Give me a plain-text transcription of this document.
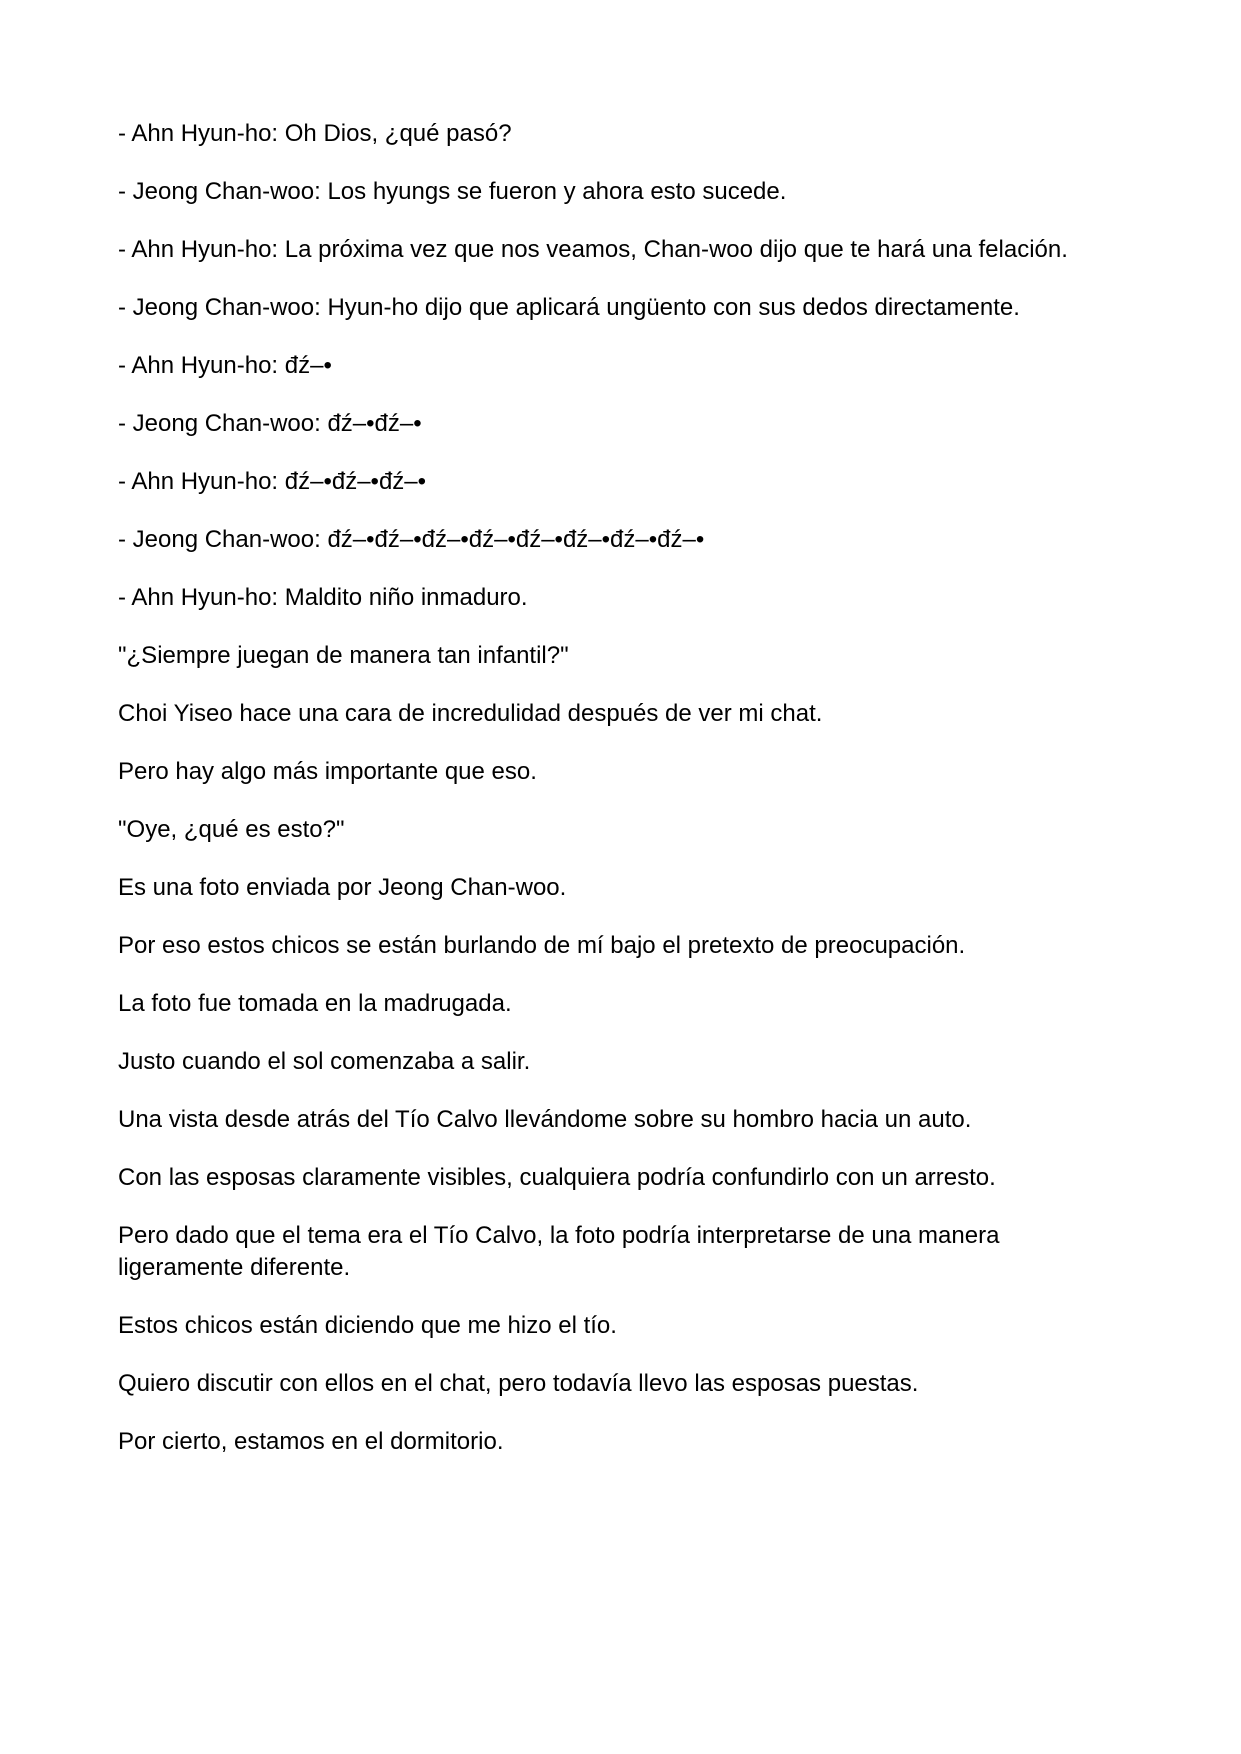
- Ahn Hyun-ho: Oh Dios, ¿qué pasó?

- Jeong Chan-woo: Los hyungs se fueron y ahora esto sucede.

- Ahn Hyun-ho: La próxima vez que nos veamos, Chan-woo dijo que te hará una felación.

- Jeong Chan-woo: Hyun-ho dijo que aplicará ungüento con sus dedos directamente.

- Ahn Hyun-ho: đź–•

- Jeong Chan-woo: đź–•đź–•

- Ahn Hyun-ho: đź–•đź–•đź–•

- Jeong Chan-woo: đź–•đź–•đź–•đź–•đź–•đź–•đź–•đź–•

- Ahn Hyun-ho: Maldito niño inmaduro.

"¿Siempre juegan de manera tan infantil?"

Choi Yiseo hace una cara de incredulidad después de ver mi chat.

Pero hay algo más importante que eso.

"Oye, ¿qué es esto?"

Es una foto enviada por Jeong Chan-woo.

Por eso estos chicos se están burlando de mí bajo el pretexto de preocupación.

La foto fue tomada en la madrugada.

Justo cuando el sol comenzaba a salir.

Una vista desde atrás del Tío Calvo llevándome sobre su hombro hacia un auto.

Con las esposas claramente visibles, cualquiera podría confundirlo con un arresto.

Pero dado que el tema era el Tío Calvo, la foto podría interpretarse de una manera ligeramente diferente.

Estos chicos están diciendo que me hizo el tío.

Quiero discutir con ellos en el chat, pero todavía llevo las esposas puestas.

Por cierto, estamos en el dormitorio.
